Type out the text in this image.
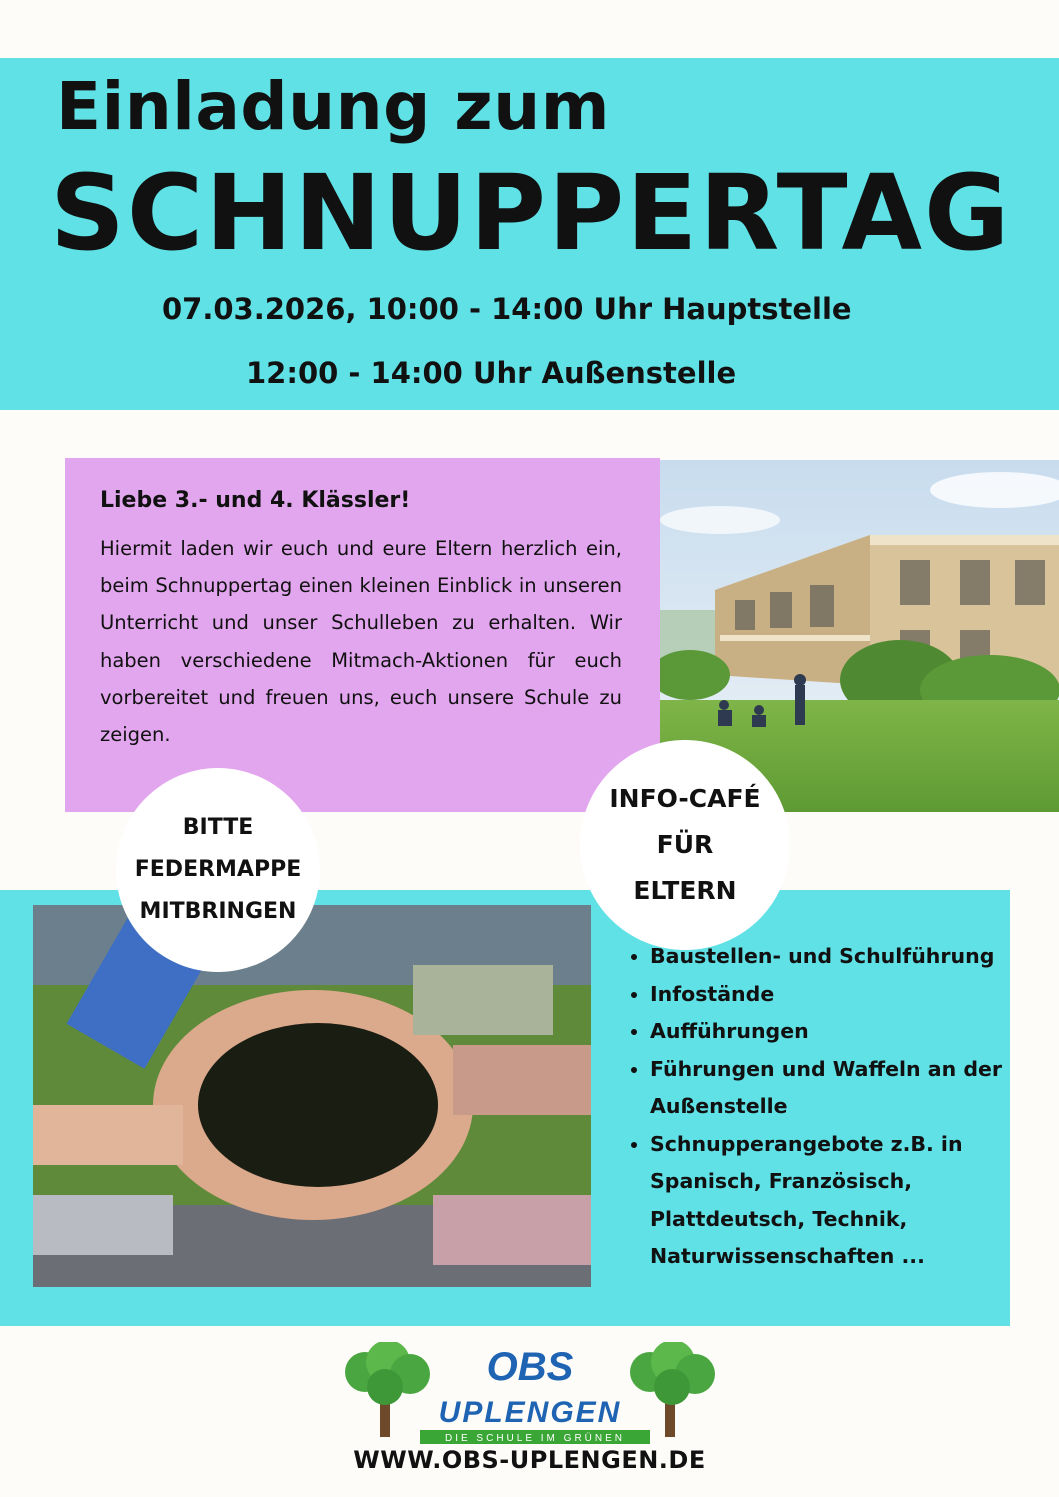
Einladung zum
SCHNUPPERTAG
07.03.2026, 10:00 - 14:00 Uhr Hauptstelle
12:00 - 14:00 Uhr Außenstelle
Liebe 3.- und 4. Klässler!
Hiermit laden wir euch und eure Eltern herzlich ein, beim Schnuppertag einen kleinen Einblick in unseren Unterricht und unser Schulleben zu erhalten. Wir haben verschiedene Mitmach-Aktionen für euch vorbereitet und freuen uns, euch unsere Schule zu zeigen.
BITTE
FEDERMAPPE
MITBRINGEN
INFO-CAFÉ
FÜR
ELTERN
• Baustellen- und Schulführung
• Infostände
• Aufführungen
• Führungen und Waffeln an der Außenstelle
• Schnupperangebote z.B. in Spanisch, Französisch, Plattdeutsch, Technik, Naturwissenschaften ...
OBS
UPLENGEN
DIE SCHULE IM GRÜNEN
WWW.OBS-UPLENGEN.DE
